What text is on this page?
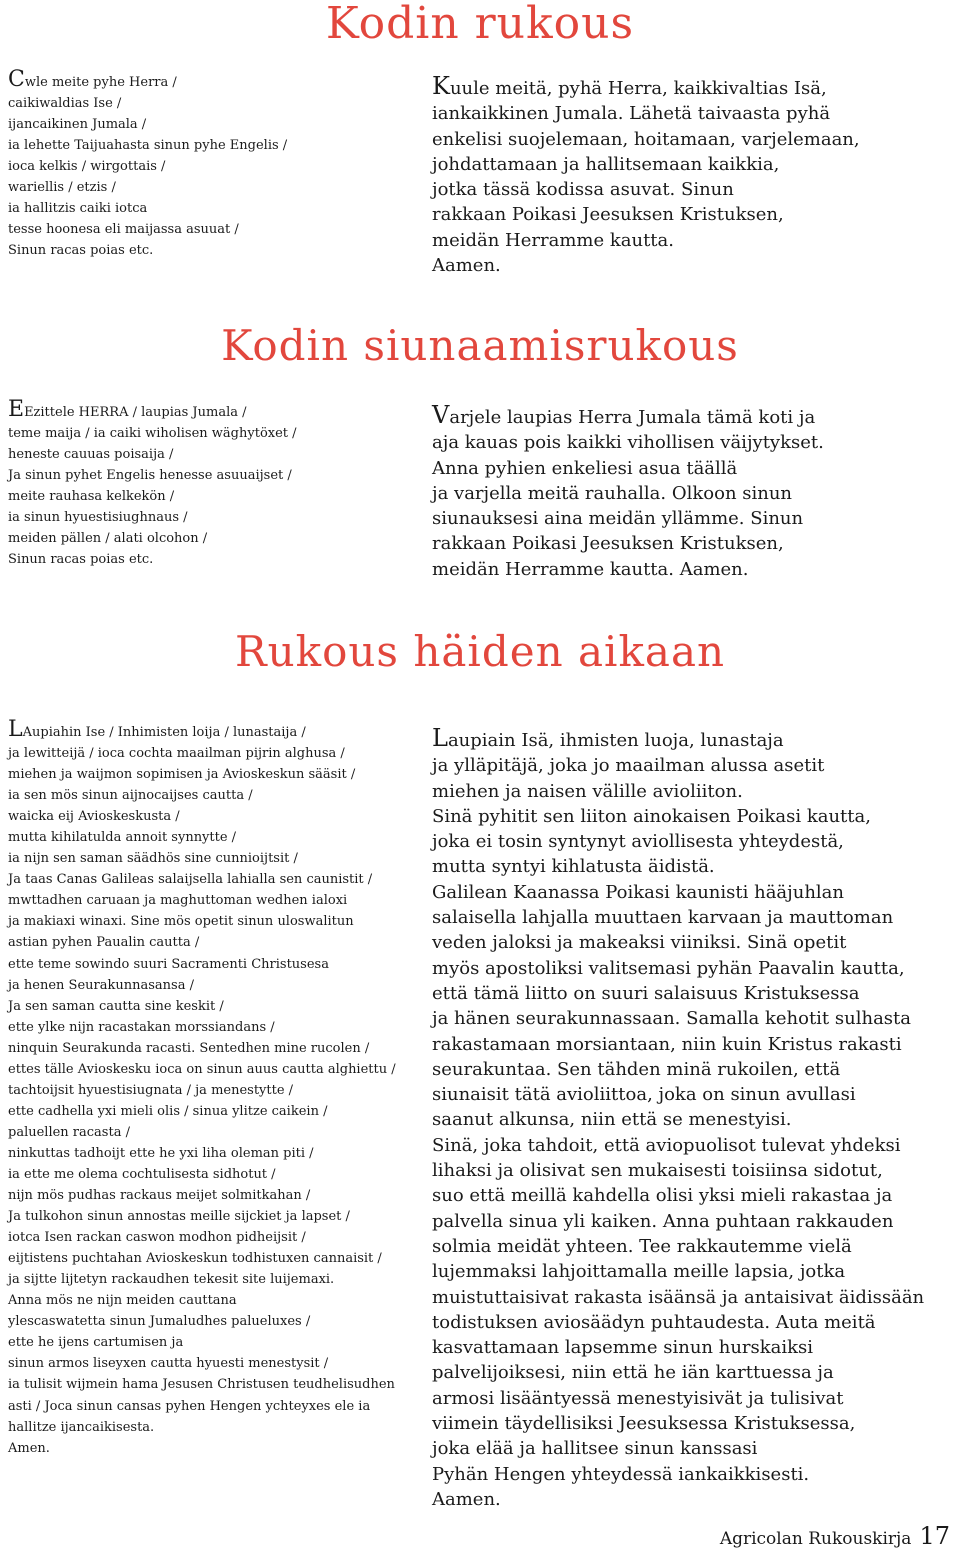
Kodin rukous
Kodin siunaamisrukous
Rukous häiden aikaan
Cwle meite pyhe Herra /
caikiwaldias Ise /
ijancaikinen Jumala /
ia lehette Taijuahasta sinun pyhe Engelis /
ioca kelkis / wirgottais /
wariellis / etzis /
ia hallitzis caiki iotca
tesse hoonesa eli maijassa asuuat /
Sinun racas poias etc.
Kuule meitä, pyhä Herra, kaikkivaltias Isä,
iankaikkinen Jumala. Lähetä taivaasta pyhä
enkelisi suojelemaan, hoitamaan, varjelemaan,
johdattamaan ja hallitsemaan kaikkia,
jotka tässä kodissa asuvat. Sinun
rakkaan Poikasi Jeesuksen Kristuksen,
meidän Herramme kautta.
Aamen.
EEzittele HERRA / laupias Jumala /
teme maija / ia caiki wiholisen wäghytöxet /
heneste cauuas poisaija /
Ja sinun pyhet Engelis henesse asuuaijset /
meite rauhasa kelkekön /
ia sinun hyuestisiughnaus /
meiden pällen / alati olcohon /
Sinun racas poias etc.
Varjele laupias Herra Jumala tämä koti ja
aja kauas pois kaikki vihollisen väijytykset.
Anna pyhien enkeliesi asua täällä
ja varjella meitä rauhalla. Olkoon sinun
siunauksesi aina meidän yllämme. Sinun
rakkaan Poikasi Jeesuksen Kristuksen,
meidän Herramme kautta. Aamen.
LAupiahin Ise / Inhimisten loija / lunastaija /
ja lewitteijä / ioca cochta maailman pijrin alghusa /
miehen ja waijmon sopimisen ja Avioskeskun sääsit /
ia sen mös sinun aijnocaijses cautta /
waicka eij Avioskeskusta /
mutta kihilatulda annoit synnytte /
ia nijn sen saman säädhös sine cunnioijtsit /
Ja taas Canas Galileas salaijsella lahialla sen caunistit /
mwttadhen caruaan ja maghuttoman wedhen ialoxi
ja makiaxi winaxi. Sine mös opetit sinun uloswalitun
astian pyhen Paualin cautta /
ette teme sowindo suuri Sacramenti Christusesa
ja henen Seurakunnasansa /
Ja sen saman cautta sine keskit /
ette ylke nijn racastakan morssiandans /
ninquin Seurakunda racasti. Sentedhen mine rucolen /
ettes tälle Avioskesku ioca on sinun auus cautta alghiettu /
tachtoijsit hyuestisiugnata / ja menestytte /
ette cadhella yxi mieli olis / sinua ylitze caikein /
paluellen racasta /
ninkuttas tadhoijt ette he yxi liha oleman piti /
ia ette me olema cochtulisesta sidhotut /
nijn mös pudhas rackaus meijet solmitkahan /
Ja tulkohon sinun annostas meille sijckiet ja lapset /
iotca Isen rackan caswon modhon pidheijsit /
eijtistens puchtahan Avioskeskun todhistuxen cannaisit /
ja sijtte lijtetyn rackaudhen tekesit site luijemaxi.
Anna mös ne nijn meiden cauttana
ylescaswatetta sinun Jumaludhes palueluxes /
ette he ijens cartumisen ja
sinun armos liseyxen cautta hyuesti menestysit /
ia tulisit wijmein hama Jesusen Christusen teudhelisudhen
asti / Joca sinun cansas pyhen Hengen ychteyxes ele ia
hallitze ijancaikisesta.
Amen.
Laupiain Isä, ihmisten luoja, lunastaja
ja ylläpitäjä, joka jo maailman alussa asetit
miehen ja naisen välille avioliiton.
Sinä pyhitit sen liiton ainokaisen Poikasi kautta,
joka ei tosin syntynyt aviollisesta yhteydestä,
mutta syntyi kihlatusta äidistä.
Galilean Kaanassa Poikasi kaunisti hääjuhlan
salaisella lahjalla muuttaen karvaan ja mauttoman
veden jaloksi ja makeaksi viiniksi. Sinä opetit
myös apostoliksi valitsemasi pyhän Paavalin kautta,
että tämä liitto on suuri salaisuus Kristuksessa
ja hänen seurakunnassaan. Samalla kehotit sulhasta
rakastamaan morsiantaan, niin kuin Kristus rakasti
seurakuntaa. Sen tähden minä rukoilen, että
siunaisit tätä avioliittoa, joka on sinun avullasi
saanut alkunsa, niin että se menestyisi.
Sinä, joka tahdoit, että aviopuolisot tulevat yhdeksi
lihaksi ja olisivat sen mukaisesti toisiinsa sidotut,
suo että meillä kahdella olisi yksi mieli rakastaa ja
palvella sinua yli kaiken. Anna puhtaan rakkauden
solmia meidät yhteen. Tee rakkautemme vielä
lujemmaksi lahjoittamalla meille lapsia, jotka
muistuttaisivat rakasta isäänsä ja antaisivat äidissään
todistuksen aviosäädyn puhtaudesta. Auta meitä
kasvattamaan lapsemme sinun hurskaiksi
palvelijoiksesi, niin että he iän karttuessa ja
armosi lisääntyessä menestyisivät ja tulisivat
viimein täydellisiksi Jeesuksessa Kristuksessa,
joka elää ja hallitsee sinun kanssasi
Pyhän Hengen yhteydessä iankaikkisesti.
Aamen.
Agricolan Rukouskirja 17
